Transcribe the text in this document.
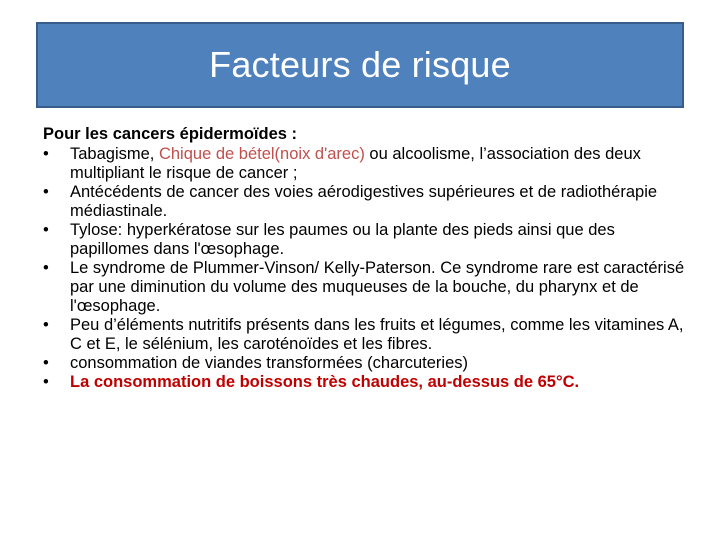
Facteurs de risque
Pour les cancers épidermoïdes :
•	Tabagisme, Chique de bétel(noix d'arec) ou alcoolisme, l’association des deux multipliant le risque de cancer ;
•	Antécédents de cancer des voies aérodigestives supérieures et de radiothérapie médiastinale.
•	Tylose: hyperkératose sur les paumes ou la plante des pieds ainsi que des papillomes dans l'œsophage.
•	Le syndrome de Plummer-Vinson/ Kelly-Paterson. Ce syndrome rare est caractérisé par une diminution du volume des muqueuses de la bouche, du pharynx et de l'œsophage.
•	Peu d’éléments nutritifs présents dans les fruits et légumes, comme les vitamines A, C et E, le sélénium, les caroténoïdes et les fibres.
•	consommation de viandes transformées (charcuteries)
•	La consommation de boissons très chaudes, au-dessus de 65°C.
